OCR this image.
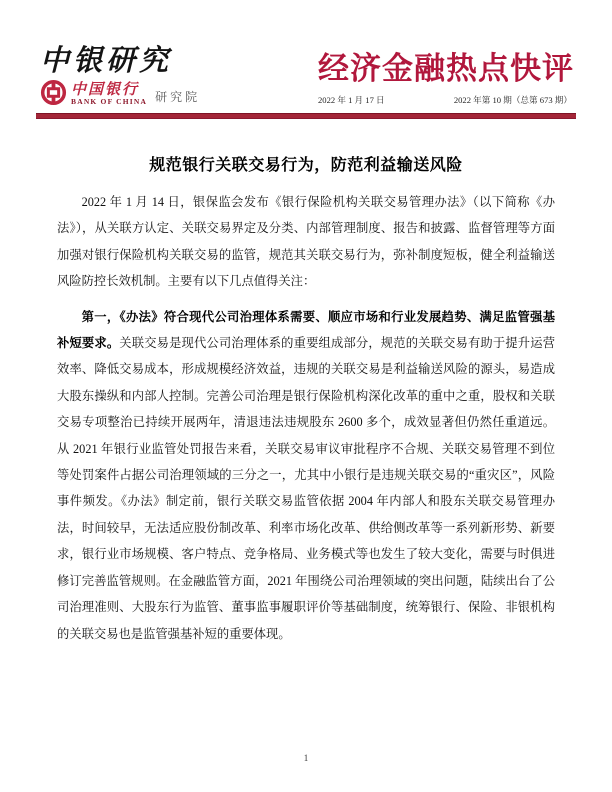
中银研究
中国银行
BANK OF CHINA 研究院
经济金融热点快评
2022 年 1 月 17 日	2022 年第 10 期（总第 673 期）
规范银行关联交易行为，防范利益输送风险

2022 年 1 月 14 日，银保监会发布《银行保险机构关联交易管理办法》（以下简称《办法》），从关联方认定、关联交易界定及分类、内部管理制度、报告和披露、监督管理等方面加强对银行保险机构关联交易的监管，规范其关联交易行为，弥补制度短板，健全利益输送风险防控长效机制。主要有以下几点值得关注：

第一，《办法》符合现代公司治理体系需要、顺应市场和行业发展趋势、满足监管强基补短要求。关联交易是现代公司治理体系的重要组成部分，规范的关联交易有助于提升运营效率、降低交易成本，形成规模经济效益，违规的关联交易是利益输送风险的源头，易造成大股东操纵和内部人控制。完善公司治理是银行保险机构深化改革的重中之重，股权和关联交易专项整治已持续开展两年，清退违法违规股东 2600 多个，成效显著但仍然任重道远。从 2021 年银行业监管处罚报告来看，关联交易审议审批程序不合规、关联交易管理不到位等处罚案件占据公司治理领域的三分之一，尤其中小银行是违规关联交易的“重灾区”，风险事件频发。《办法》制定前，银行关联交易监管依据 2004 年内部人和股东关联交易管理办法，时间较早，无法适应股份制改革、利率市场化改革、供给侧改革等一系列新形势、新要求，银行业市场规模、客户特点、竞争格局、业务模式等也发生了较大变化，需要与时俱进修订完善监管规则。在金融监管方面，2021 年围绕公司治理领域的突出问题，陆续出台了公司治理准则、大股东行为监管、董事监事履职评价等基础制度，统筹银行、保险、非银机构的关联交易也是监管强基补短的重要体现。

1
